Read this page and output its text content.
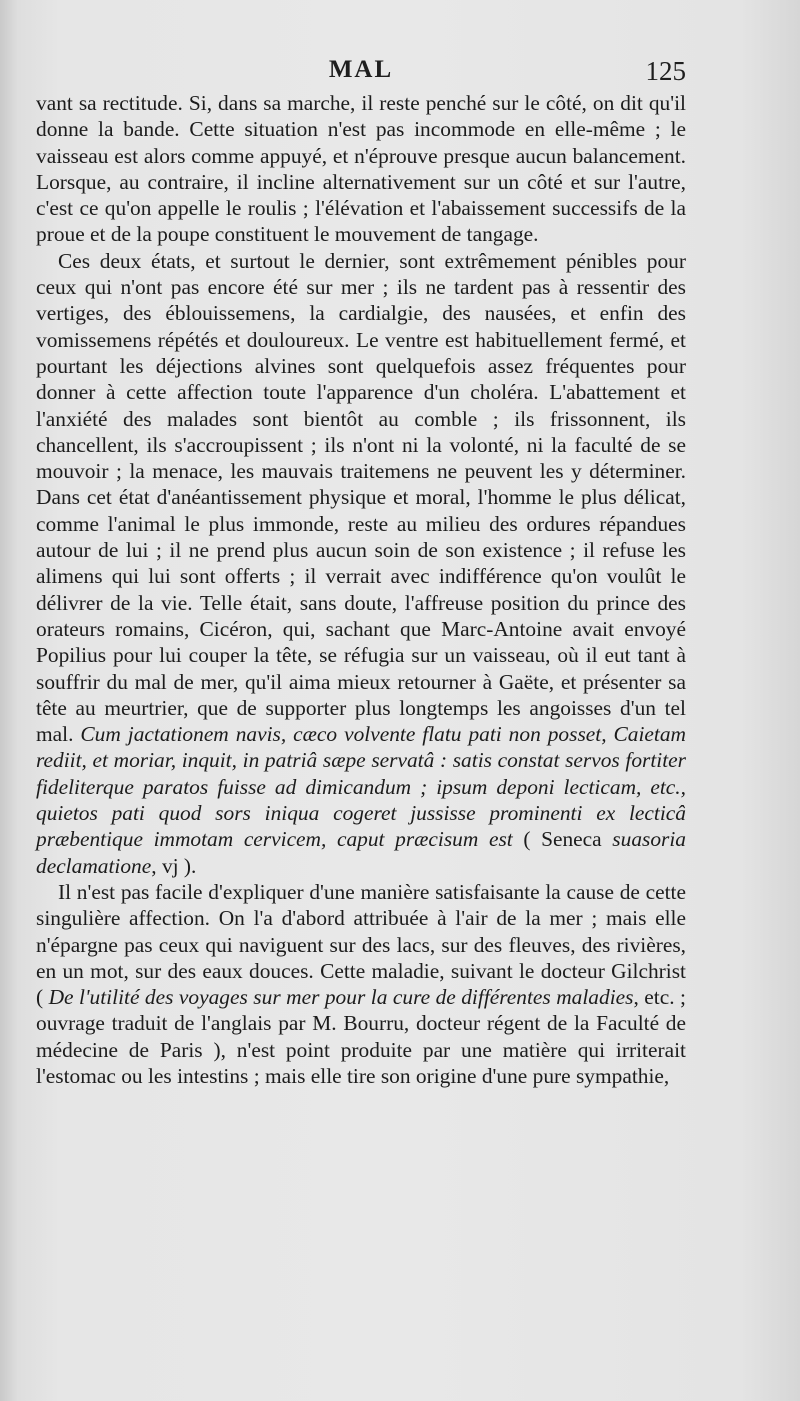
MAL	125

vant sa rectitude. Si, dans sa marche, il reste penché sur le côté, on dit qu'il donne la bande. Cette situation n'est pas incommode en elle-même ; le vaisseau est alors comme appuyé, et n'éprouve presque aucun balancement. Lorsque, au contraire, il incline alternativement sur un côté et sur l'autre, c'est ce qu'on appelle le roulis ; l'élévation et l'abaissement successifs de la proue et de la poupe constituent le mouvement de tangage.

Ces deux états, et surtout le dernier, sont extrêmement pénibles pour ceux qui n'ont pas encore été sur mer ; ils ne tardent pas à ressentir des vertiges, des éblouissemens, la cardialgie, des nausées, et enfin des vomissemens répétés et douloureux. Le ventre est habituellement fermé, et pourtant les déjections alvines sont quelquefois assez fréquentes pour donner à cette affection toute l'apparence d'un choléra. L'abattement et l'anxiété des malades sont bientôt au comble ; ils frissonnent, ils chancellent, ils s'accroupissent ; ils n'ont ni la volonté, ni la faculté de se mouvoir ; la menace, les mauvais traitemens ne peuvent les y déterminer. Dans cet état d'anéantissement physique et moral, l'homme le plus délicat, comme l'animal le plus immonde, reste au milieu des ordures répandues autour de lui ; il ne prend plus aucun soin de son existence ; il refuse les alimens qui lui sont offerts ; il verrait avec indifférence qu'on voulût le délivrer de la vie. Telle était, sans doute, l'affreuse position du prince des orateurs romains, Cicéron, qui, sachant que Marc-Antoine avait envoyé Popilius pour lui couper la tête, se réfugia sur un vaisseau, où il eut tant à souffrir du mal de mer, qu'il aima mieux retourner à Gaëte, et présenter sa tête au meurtrier, que de supporter plus longtemps les angoisses d'un tel mal. Cum jactationem navis, cæco volvente flatu pati non posset, Caietam rediit, et moriar, inquit, in patriâ sæpe servatâ : satis constat servos fortiter fideliterque paratos fuisse ad dimicandum ; ipsum deponi lecticam, etc., quietos pati quod sors iniqua cogeret jussisse prominenti ex lecticâ præbentique immotam cervicem, caput præcisum est ( Seneca suasoria declamatione, vj ).

Il n'est pas facile d'expliquer d'une manière satisfaisante la cause de cette singulière affection. On l'a d'abord attribuée à l'air de la mer ; mais elle n'épargne pas ceux qui naviguent sur des lacs, sur des fleuves, des rivières, en un mot, sur des eaux douces. Cette maladie, suivant le docteur Gilchrist ( De l'utilité des voyages sur mer pour la cure de différentes maladies, etc. ; ouvrage traduit de l'anglais par M. Bourru, docteur régent de la Faculté de médecine de Paris ), n'est point produite par une matière qui irriterait l'estomac ou les intestins ; mais elle tire son origine d'une pure sympathie,
